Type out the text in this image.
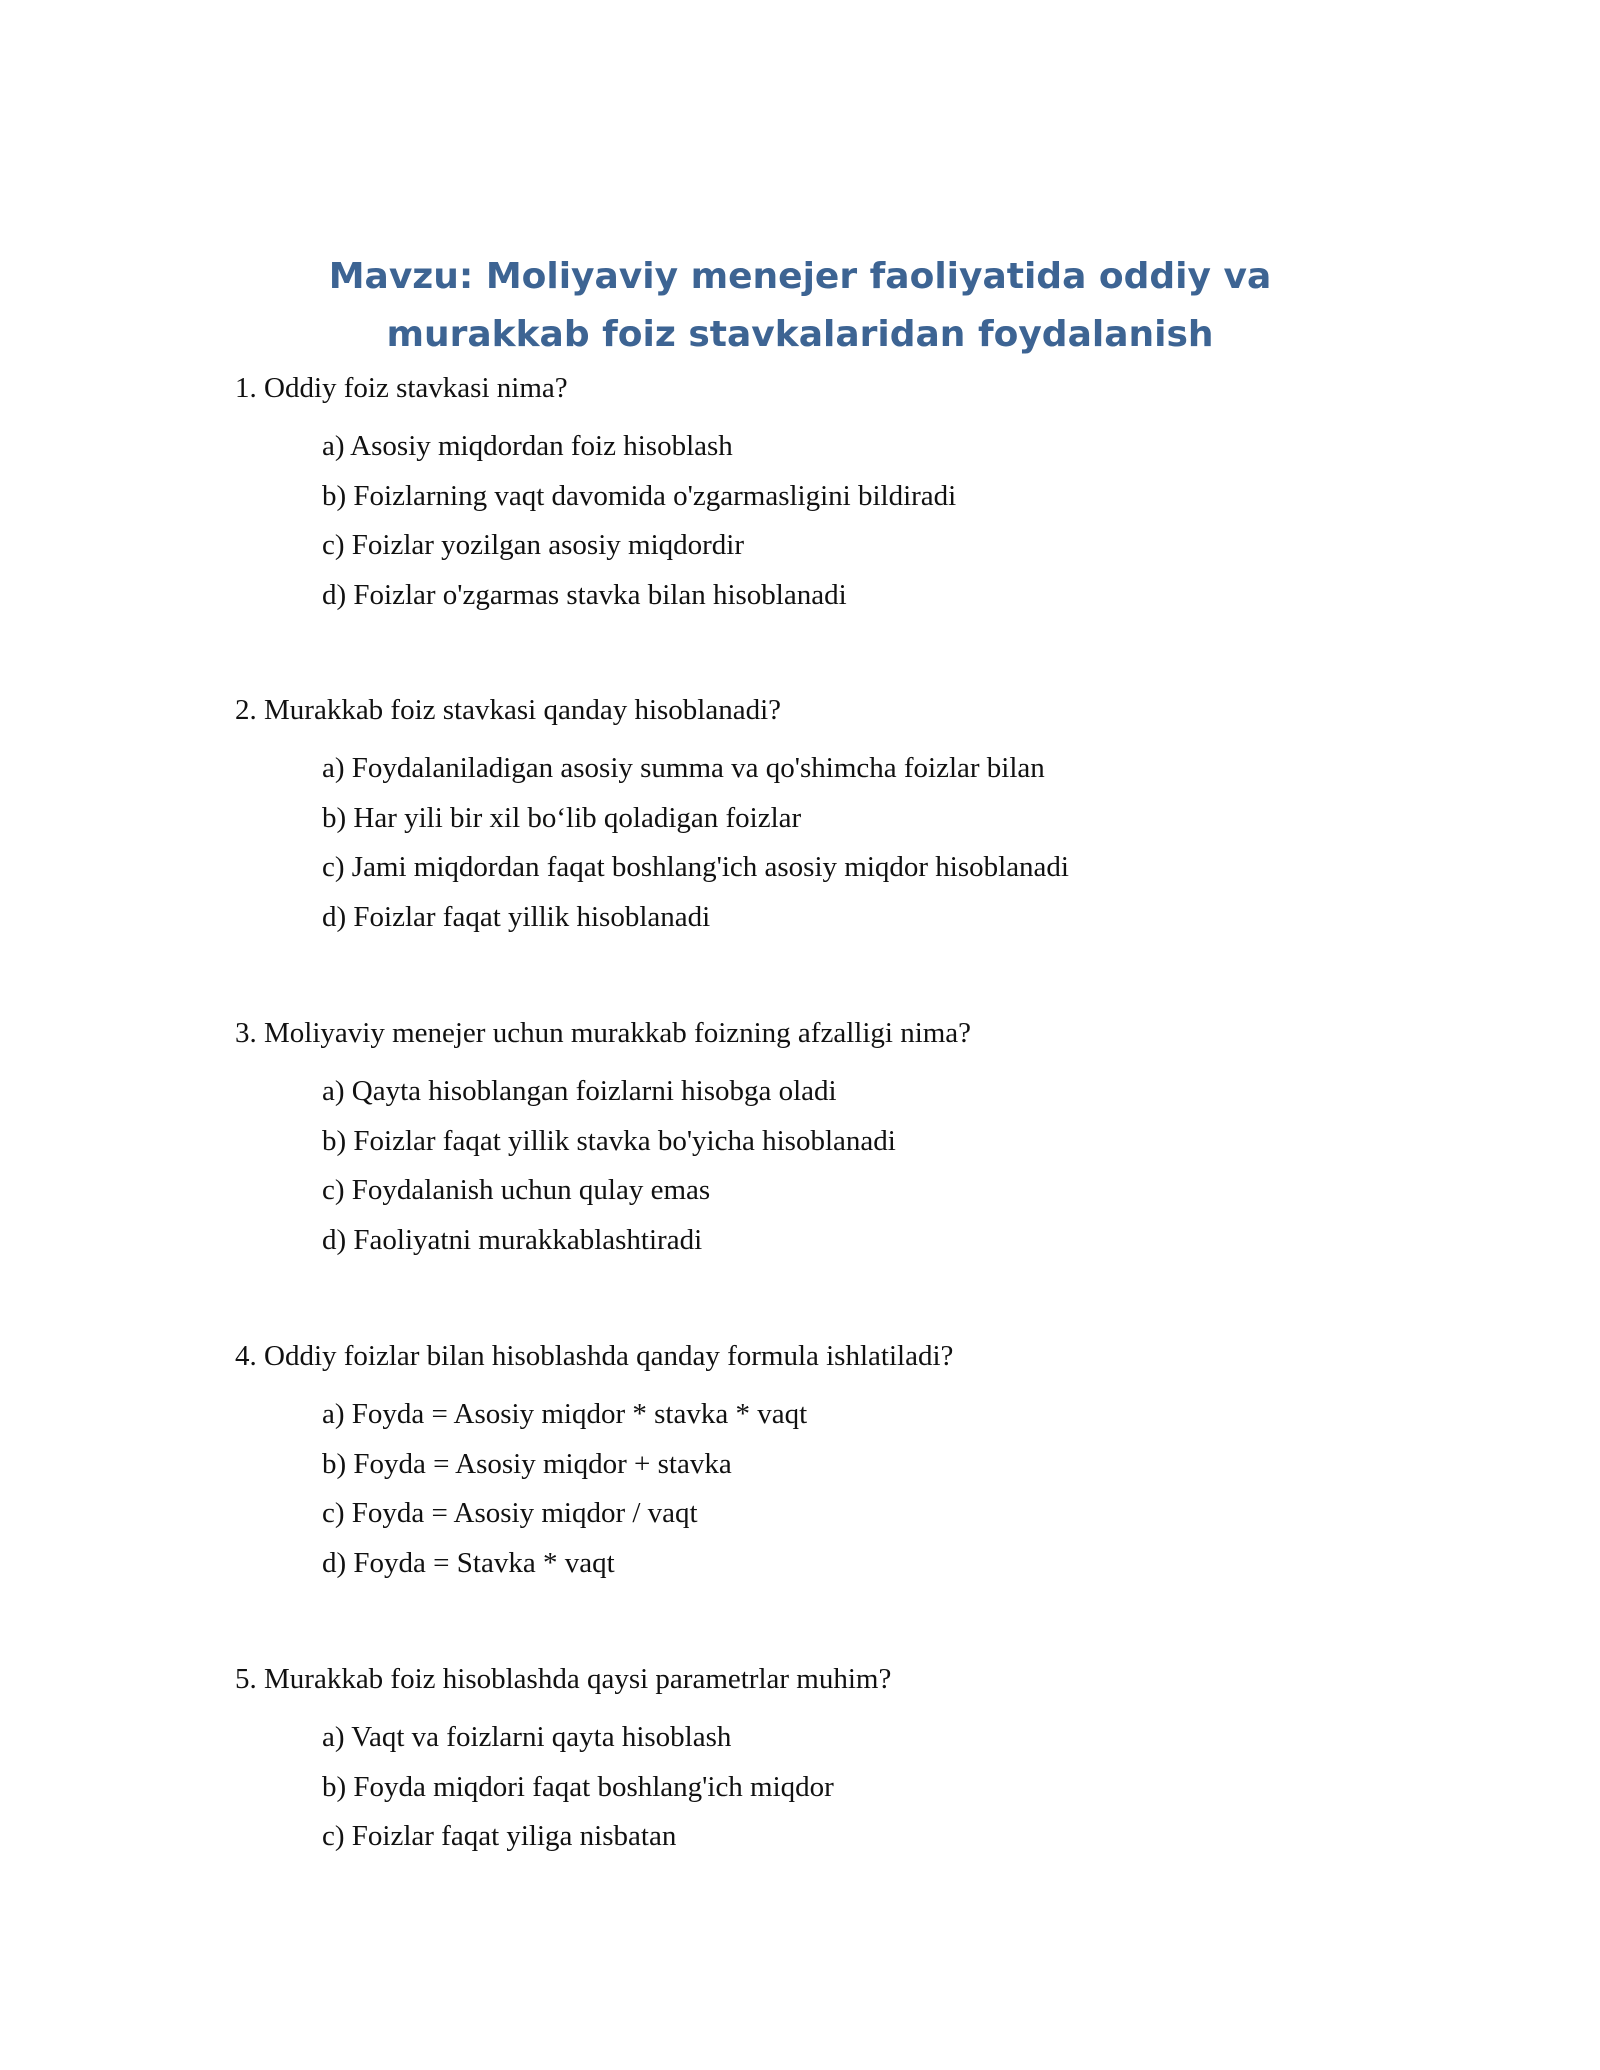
Mavzu: Moliyaviy menejer faoliyatida oddiy va murakkab foiz stavkalaridan foydalanish

1. Oddiy foiz stavkasi nima?

a) Asosiy miqdordan foiz hisoblash
b) Foizlarning vaqt davomida o'zgarmasligini bildiradi
c) Foizlar yozilgan asosiy miqdordir
d) Foizlar o'zgarmas stavka bilan hisoblanadi

2. Murakkab foiz stavkasi qanday hisoblanadi?

a) Foydalaniladigan asosiy summa va qo'shimcha foizlar bilan
b) Har yili bir xil bo‘lib qoladigan foizlar
c) Jami miqdordan faqat boshlang'ich asosiy miqdor hisoblanadi
d) Foizlar faqat yillik hisoblanadi

3. Moliyaviy menejer uchun murakkab foizning afzalligi nima?

a) Qayta hisoblangan foizlarni hisobga oladi
b) Foizlar faqat yillik stavka bo'yicha hisoblanadi
c) Foydalanish uchun qulay emas
d) Faoliyatni murakkablashtiradi

4. Oddiy foizlar bilan hisoblashda qanday formula ishlatiladi?

a) Foyda = Asosiy miqdor * stavka * vaqt
b) Foyda = Asosiy miqdor + stavka
c) Foyda = Asosiy miqdor / vaqt
d) Foyda = Stavka * vaqt

5. Murakkab foiz hisoblashda qaysi parametrlar muhim?

a) Vaqt va foizlarni qayta hisoblash
b) Foyda miqdori faqat boshlang'ich miqdor
c) Foizlar faqat yiliga nisbatan
